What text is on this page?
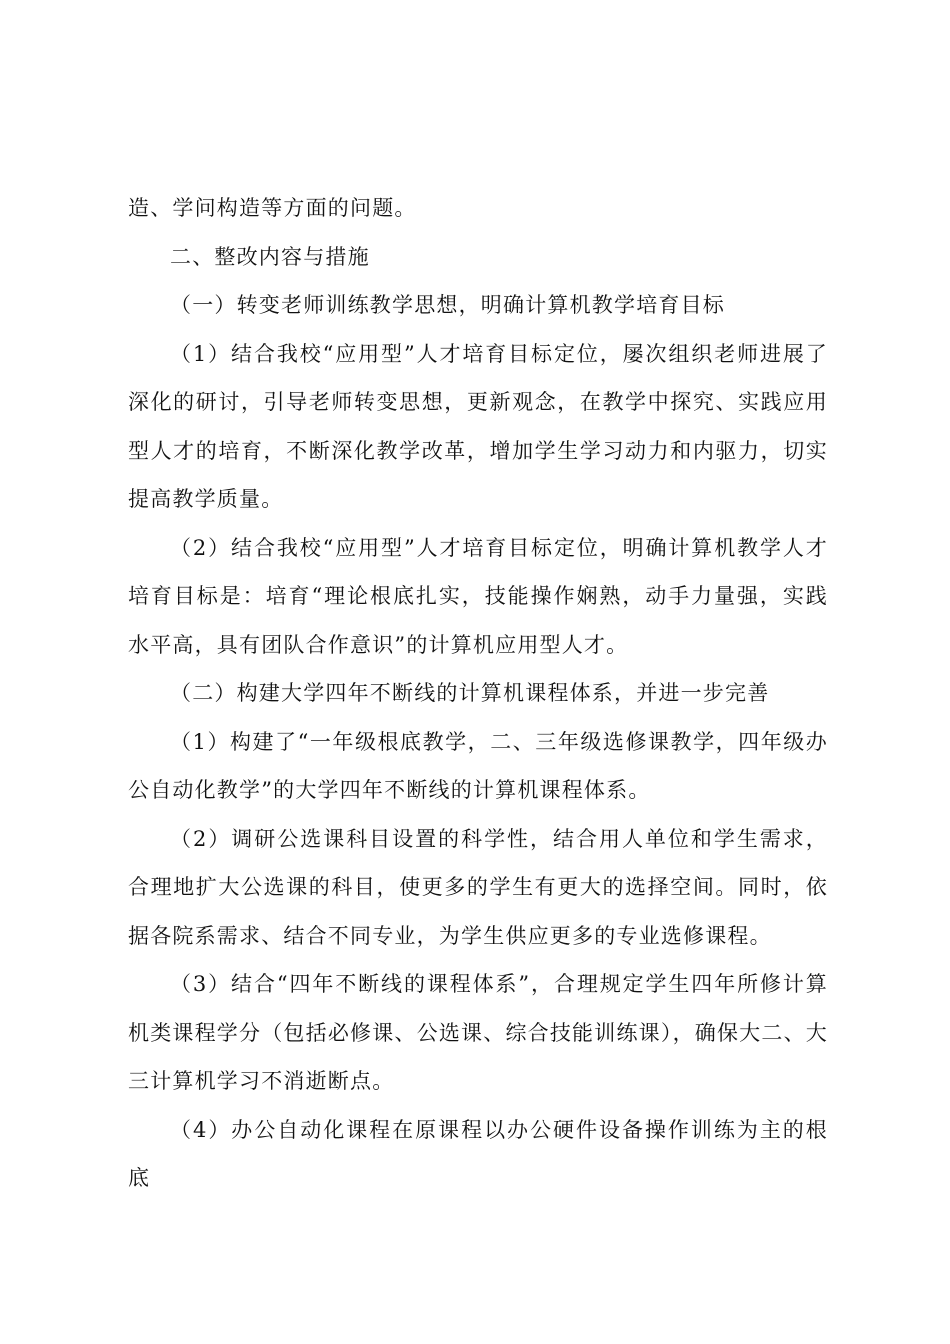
造、学问构造等方面的问题。

二、整改内容与措施

（一）转变老师训练教学思想，明确计算机教学培育目标

（1）结合我校“应用型”人才培育目标定位，屡次组织老师进展了深化的研讨，引导老师转变思想，更新观念，在教学中探究、实践应用型人才的培育，不断深化教学改革，增加学生学习动力和内驱力，切实提高教学质量。

（2）结合我校“应用型”人才培育目标定位，明确计算机教学人才培育目标是：培育“理论根底扎实，技能操作娴熟，动手力量强，实践水平高，具有团队合作意识”的计算机应用型人才。

（二）构建大学四年不断线的计算机课程体系，并进一步完善

（1）构建了“一年级根底教学，二、三年级选修课教学，四年级办公自动化教学”的大学四年不断线的计算机课程体系。

（2）调研公选课科目设置的科学性，结合用人单位和学生需求，合理地扩大公选课的科目，使更多的学生有更大的选择空间。同时，依据各院系需求、结合不同专业，为学生供应更多的专业选修课程。

（3）结合“四年不断线的课程体系”，合理规定学生四年所修计算机类课程学分（包括必修课、公选课、综合技能训练课），确保大二、大三计算机学习不消逝断点。

（4）办公自动化课程在原课程以办公硬件设备操作训练为主的根底
